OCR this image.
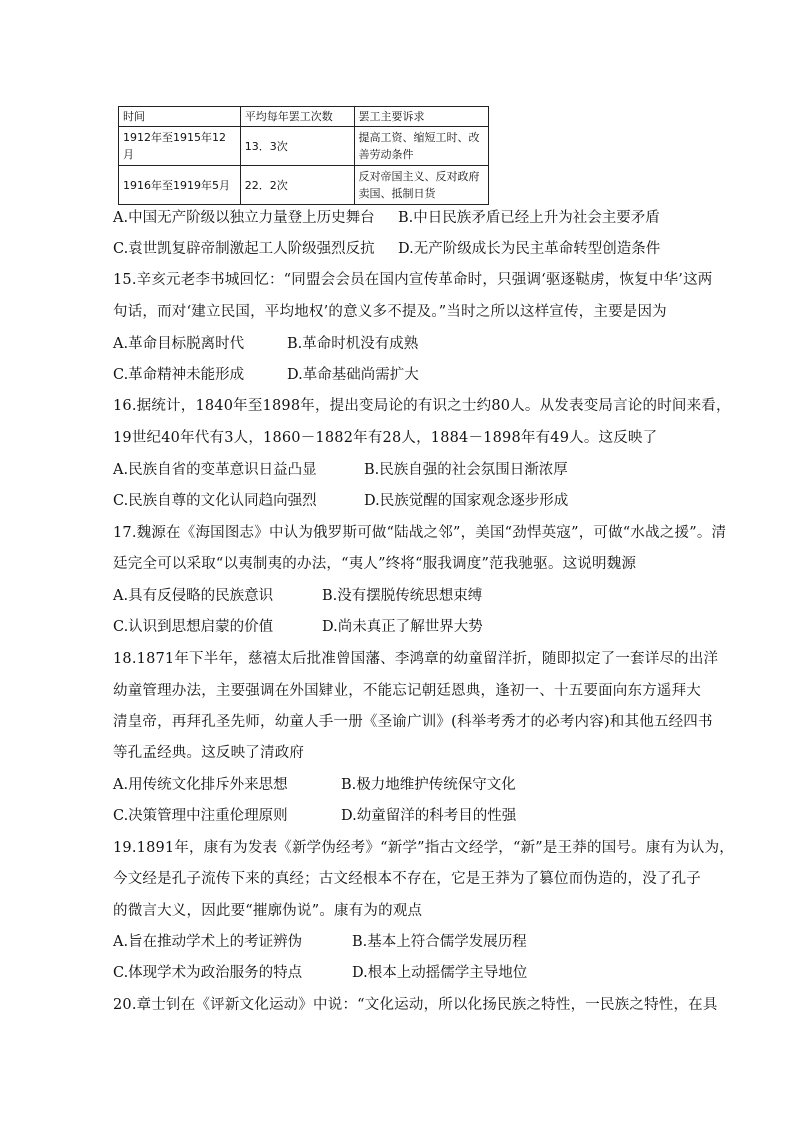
时间	平均每年罢工次数	罢工主要诉求
1912年至1915年12月	13．3次	提高工资、缩短工时、改善劳动条件
1916年至1919年5月	22．2次	反对帝国主义、反对政府卖国、抵制日货
A.中国无产阶级以独立力量登上历史舞台 B.中日民族矛盾已经上升为社会主要矛盾
C.袁世凯复辟帝制激起工人阶级强烈反抗 D.无产阶级成长为民主革命转型创造条件
15.辛亥元老李书城回忆：“同盟会会员在国内宣传革命时，只强调‘驱逐鞑虏，恢复中华’这两
句话，而对‘建立民国，平均地权’的意义多不提及。”当时之所以这样宣传，主要是因为
A.革命目标脱离时代	B.革命时机没有成熟
C.革命精神未能形成	D.革命基础尚需扩大
16.据统计，1840年至1898年，提出变局论的有识之士约80人。从发表变局言论的时间来看，
19世纪40年代有3人，1860－1882年有28人，1884－1898年有49人。这反映了
A.民族自省的变革意识日益凸显	B.民族自强的社会氛围日渐浓厚
C.民族自尊的文化认同趋向强烈	D.民族觉醒的国家观念逐步形成
17.魏源在《海国图志》中认为俄罗斯可做“陆战之邻”，美国“劲悍英寇”，可做“水战之援”。清
廷完全可以采取“以夷制夷的办法，“夷人”终将“服我调度”范我驰驱。这说明魏源
A.具有反侵略的民族意识	B.没有摆脱传统思想束缚
C.认识到思想启蒙的价值	D.尚未真正了解世界大势
18.1871年下半年，慈禧太后批准曾国藩、李鸿章的幼童留洋折，随即拟定了一套详尽的出洋
幼童管理办法，主要强调在外国肄业，不能忘记朝廷恩典，逢初一、十五要面向东方遥拜大
清皇帝，再拜孔圣先师，幼童人手一册《圣谕广训》(科举考秀才的必考内容)和其他五经四书
等孔孟经典。这反映了清政府
A.用传统文化排斥外来思想	B.极力地维护传统保守文化
C.决策管理中注重伦理原则	D.幼童留洋的科考目的性强
19.1891年，康有为发表《新学伪经考》“新学”指古文经学，“新”是王莽的国号。康有为认为，
今文经是孔子流传下来的真经；古文经根本不存在，它是王莽为了篡位而伪造的，没了孔子
的微言大义，因此要“摧廓伪说”。康有为的观点
A.旨在推动学术上的考证辨伪	B.基本上符合儒学发展历程
C.体现学术为政治服务的特点	D.根本上动摇儒学主导地位
20.章士钊在《评新文化运动》中说：“文化运动，所以化扬民族之特性，一民族之特性，在具
